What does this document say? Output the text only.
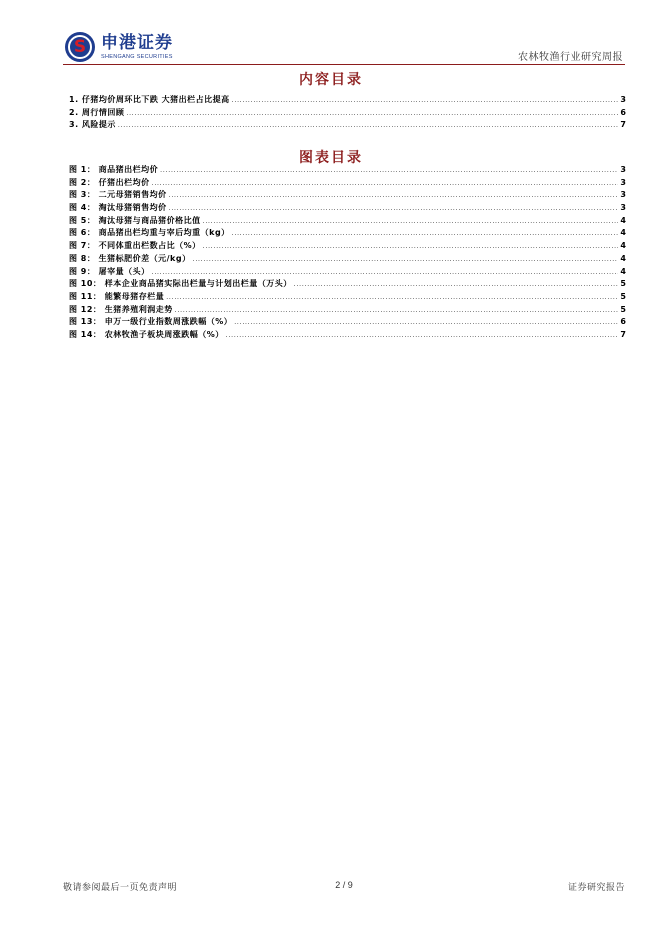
S 申港证券
SHENGANG SECURITIES	农林牧渔行业研究周报
内容目录
1. 仔猪均价周环比下跌 大猪出栏占比提高 .....	3
2. 周行情回顾 .....	6
3. 风险提示 .....	7
图表目录
图 1： 商品猪出栏均价 .....	3
图 2： 仔猪出栏均价 .....	3
图 3： 二元母猪销售均价 .....	3
图 4： 淘汰母猪销售均价 .....	3
图 5： 淘汰母猪与商品猪价格比值 .....	4
图 6： 商品猪出栏均重与宰后均重（kg） .....	4
图 7： 不同体重出栏数占比（%） .....	4
图 8： 生猪标肥价差（元/kg） .....	4
图 9： 屠宰量（头） .....	4
图 10： 样本企业商品猪实际出栏量与计划出栏量（万头） .....	5
图 11： 能繁母猪存栏量 .....	5
图 12： 生猪养殖利润走势 .....	5
图 13： 申万一级行业指数周涨跌幅（%） .....	6
图 14： 农林牧渔子板块周涨跌幅（%） .....	7
敬请参阅最后一页免责声明	2 / 9	证券研究报告
